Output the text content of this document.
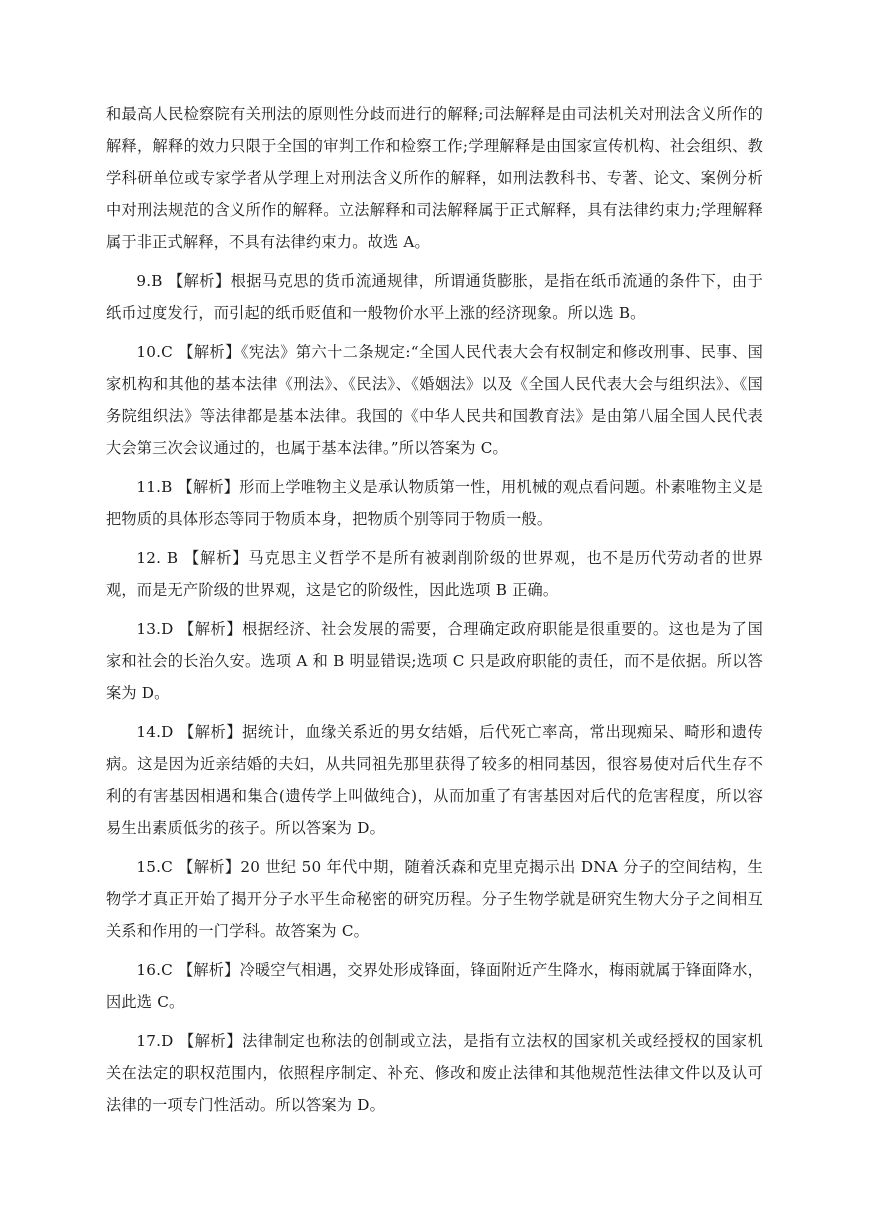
和最高人民检察院有关刑法的原则性分歧而进行的解释;司法解释是由司法机关对刑法含义所作的解释，解释的效力只限于全国的审判工作和检察工作;学理解释是由国家宣传机构、社会组织、教学科研单位或专家学者从学理上对刑法含义所作的解释，如刑法教科书、专著、论文、案例分析中对刑法规范的含义所作的解释。立法解释和司法解释属于正式解释，具有法律约束力;学理解释属于非正式解释，不具有法律约束力。故选 A。

9.B 【解析】根据马克思的货币流通规律，所谓通货膨胀，是指在纸币流通的条件下，由于纸币过度发行，而引起的纸币贬值和一般物价水平上涨的经济现象。所以选 B。

10.C 【解析】《宪法》第六十二条规定:“全国人民代表大会有权制定和修改刑事、民事、国家机构和其他的基本法律《刑法》、《民法》、《婚姻法》以及《全国人民代表大会与组织法》、《国务院组织法》等法律都是基本法律。我国的《中华人民共和国教育法》是由第八届全国人民代表大会第三次会议通过的，也属于基本法律。”所以答案为 C。

11.B 【解析】形而上学唯物主义是承认物质第一性，用机械的观点看问题。朴素唯物主义是把物质的具体形态等同于物质本身，把物质个别等同于物质一般。

12. B 【解析】马克思主义哲学不是所有被剥削阶级的世界观，也不是历代劳动者的世界观，而是无产阶级的世界观，这是它的阶级性，因此选项 B 正确。

13.D 【解析】根据经济、社会发展的需要，合理确定政府职能是很重要的。这也是为了国家和社会的长治久安。选项 A 和 B 明显错误;选项 C 只是政府职能的责任，而不是依据。所以答案为 D。

14.D 【解析】据统计，血缘关系近的男女结婚，后代死亡率高，常出现痴呆、畸形和遗传病。这是因为近亲结婚的夫妇，从共同祖先那里获得了较多的相同基因，很容易使对后代生存不利的有害基因相遇和集合(遗传学上叫做纯合)，从而加重了有害基因对后代的危害程度，所以容易生出素质低劣的孩子。所以答案为 D。

15.C 【解析】20 世纪 50 年代中期，随着沃森和克里克揭示出 DNA 分子的空间结构，生物学才真正开始了揭开分子水平生命秘密的研究历程。分子生物学就是研究生物大分子之间相互关系和作用的一门学科。故答案为 C。

16.C 【解析】冷暖空气相遇，交界处形成锋面，锋面附近产生降水，梅雨就属于锋面降水，因此选 C。

17.D 【解析】法律制定也称法的创制或立法，是指有立法权的国家机关或经授权的国家机关在法定的职权范围内，依照程序制定、补充、修改和废止法律和其他规范性法律文件以及认可法律的一项专门性活动。所以答案为 D。
